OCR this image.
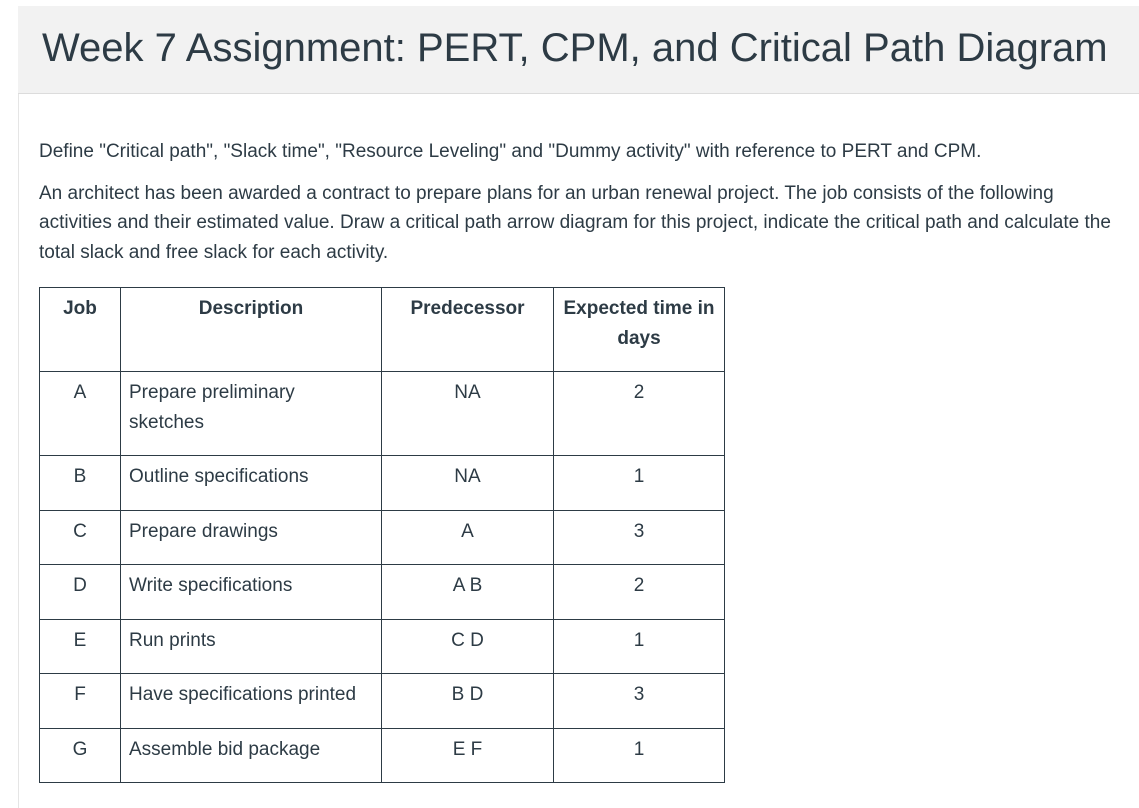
Week 7 Assignment: PERT, CPM, and Critical Path Diagram

Define "Critical path", "Slack time", "Resource Leveling" and "Dummy activity" with reference to PERT and CPM.

An architect has been awarded a contract to prepare plans for an urban renewal project. The job consists of the following activities and their estimated value. Draw a critical path arrow diagram for this project, indicate the critical path and calculate the total slack and free slack for each activity.

Job	Description	Predecessor	Expected time in days
A	Prepare preliminary sketches	NA	2
B	Outline specifications	NA	1
C	Prepare drawings	A	3
D	Write specifications	A B	2
E	Run prints	C D	1
F	Have specifications printed	B D	3
G	Assemble bid package	E F	1
